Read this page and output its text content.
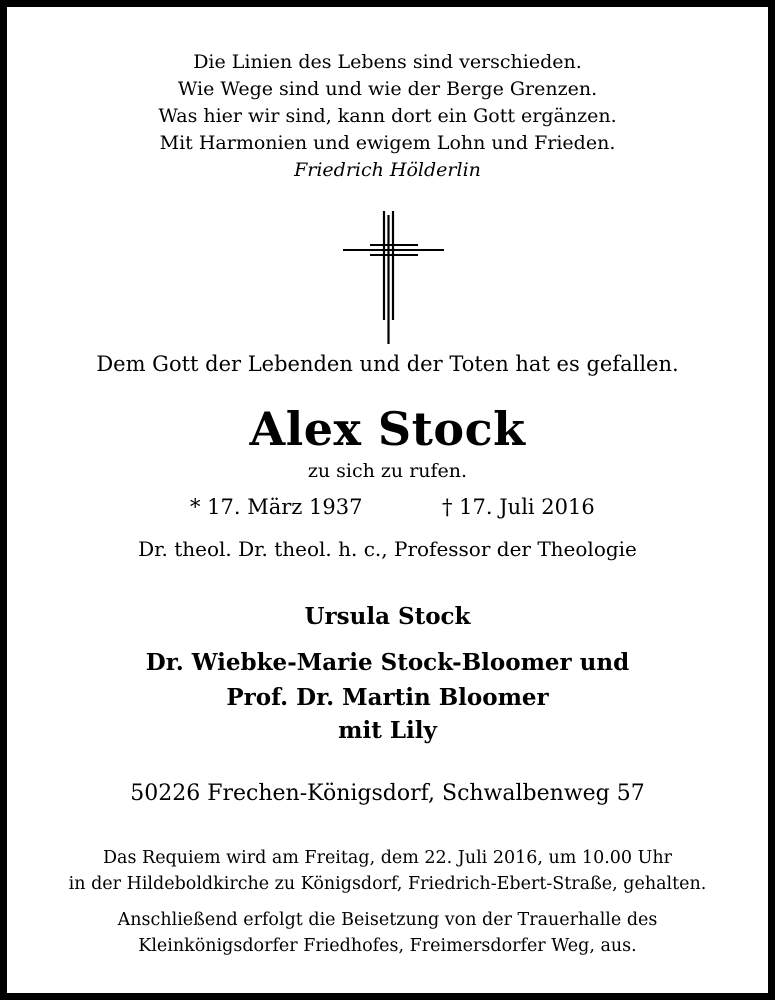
Die Linien des Lebens sind verschieden.
Wie Wege sind und wie der Berge Grenzen.
Was hier wir sind, kann dort ein Gott ergänzen.
Mit Harmonien und ewigem Lohn und Frieden.
Friedrich Hölderlin
Dem Gott der Lebenden und der Toten hat es gefallen.
Alex Stock
zu sich zu rufen.
* 17. März 1937	† 17. Juli 2016
Dr. theol. Dr. theol. h. c., Professor der Theologie
Ursula Stock
Dr. Wiebke-Marie Stock-Bloomer und
Prof. Dr. Martin Bloomer
mit Lily
50226 Frechen-Königsdorf, Schwalbenweg 57
Das Requiem wird am Freitag, dem 22. Juli 2016, um 10.00 Uhr
in der Hildeboldkirche zu Königsdorf, Friedrich-Ebert-Straße, gehalten.
Anschließend erfolgt die Beisetzung von der Trauerhalle des
Kleinkönigsdorfer Friedhofes, Freimersdorfer Weg, aus.
